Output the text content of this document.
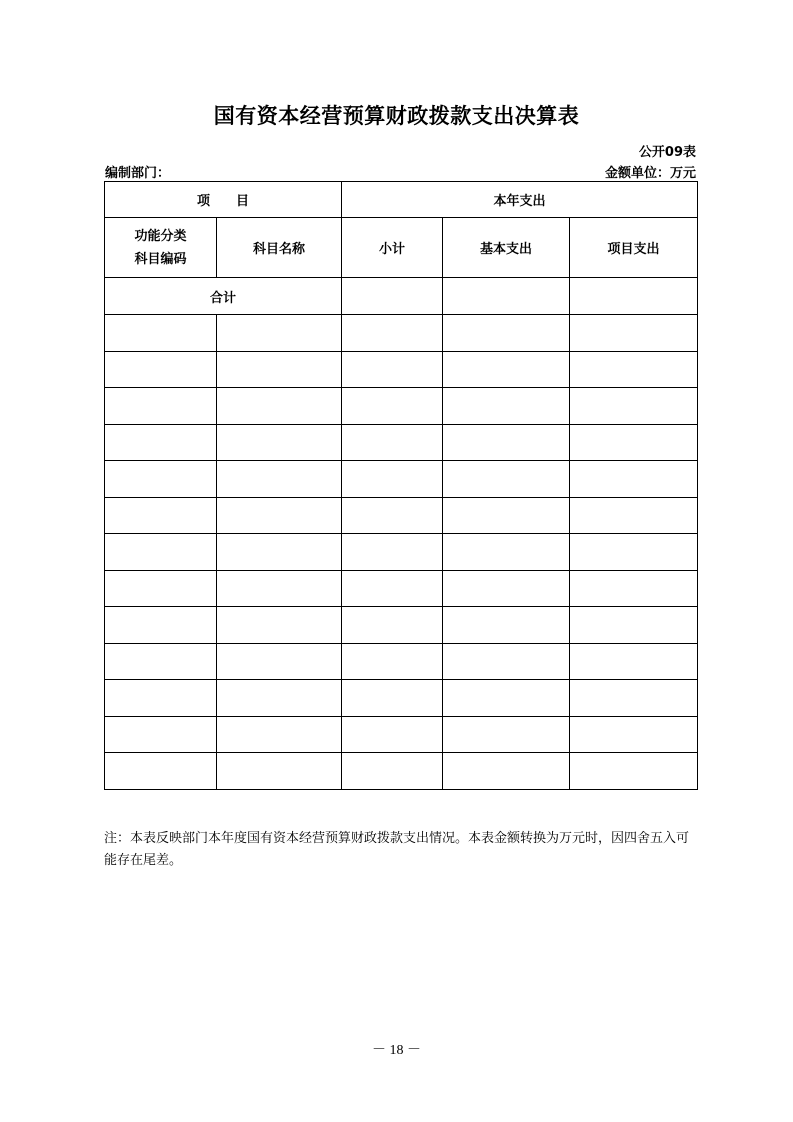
国有资本经营预算财政拨款支出决算表
公开09表
编制部门：	金额单位：万元
项　　目		本年支出		

功能分类
科目编码	科目名称	小计	基本支出	项目支出
合计				

注：本表反映部门本年度国有资本经营预算财政拨款支出情况。本表金额转换为万元时，因四舍五入可能存在尾差。
－ 18 －
